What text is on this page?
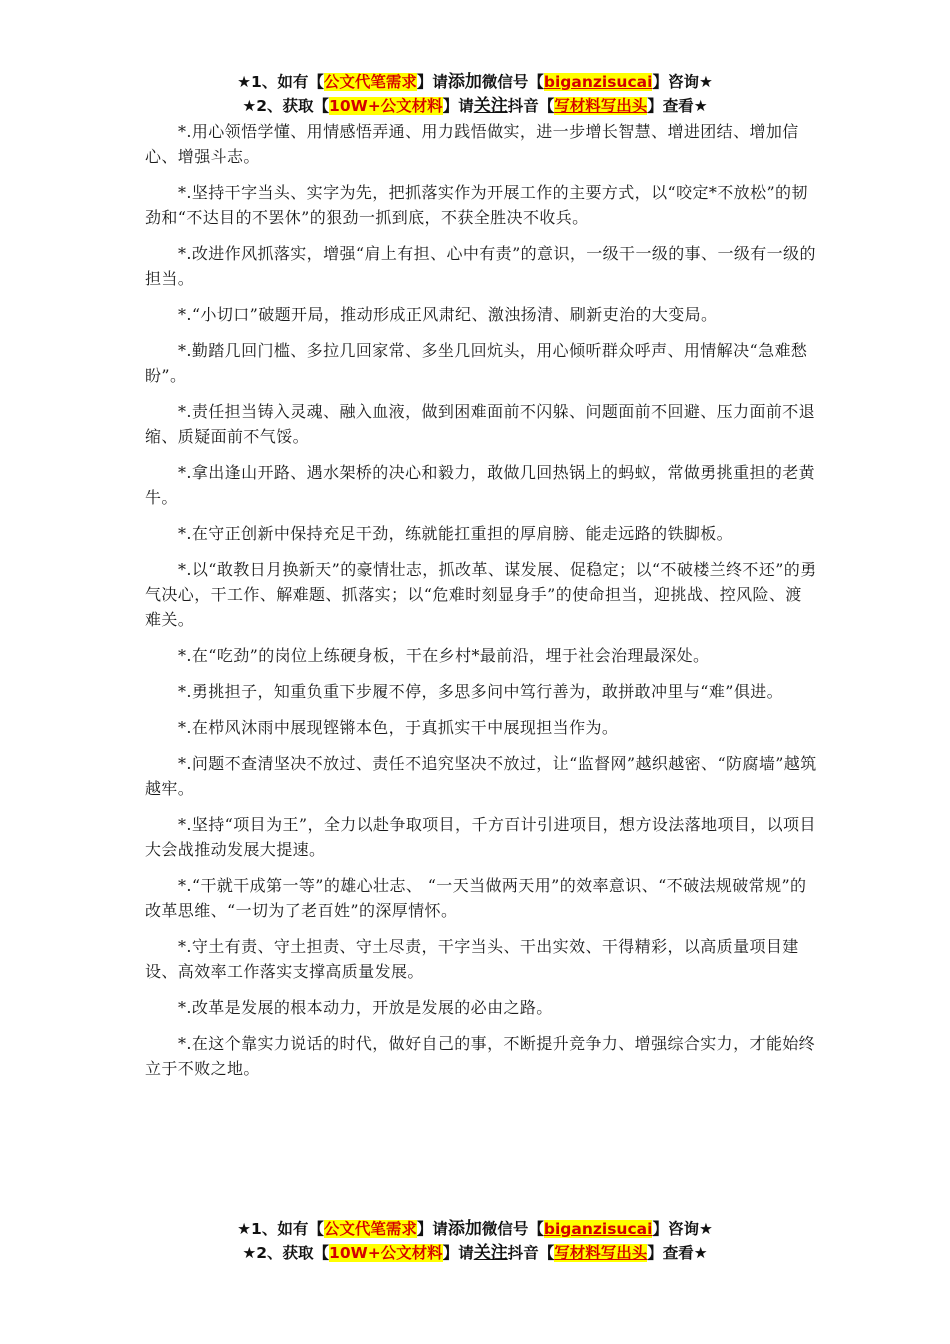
★1、如有【公文代笔需求】请添加微信号【biganzisucai】咨询★
★2、获取【10W+公文材料】请关注抖音【写材料写出头】查看★

*.用心领悟学懂、用情感悟弄通、用力践悟做实，进一步增长智慧、增进团结、增加信心、增强斗志。

*.坚持干字当头、实字为先，把抓落实作为开展工作的主要方式，以“咬定*不放松”的韧劲和“不达目的不罢休”的狠劲一抓到底，不获全胜决不收兵。

*.改进作风抓落实，增强“肩上有担、心中有责”的意识，一级干一级的事、一级有一级的担当。

*.“小切口”破题开局，推动形成正风肃纪、激浊扬清、刷新吏治的大变局。

*.勤踏几回门槛、多拉几回家常、多坐几回炕头，用心倾听群众呼声、用情解决“急难愁盼”。

*.责任担当铸入灵魂、融入血液，做到困难面前不闪躲、问题面前不回避、压力面前不退缩、质疑面前不气馁。

*.拿出逢山开路、遇水架桥的决心和毅力，敢做几回热锅上的蚂蚁，常做勇挑重担的老黄牛。

*.在守正创新中保持充足干劲，练就能扛重担的厚肩膀、能走远路的铁脚板。

*.以“敢教日月换新天”的豪情壮志，抓改革、谋发展、促稳定；以“不破楼兰终不还”的勇气决心，干工作、解难题、抓落实；以“危难时刻显身手”的使命担当，迎挑战、控风险、渡难关。

*.在“吃劲”的岗位上练硬身板，干在乡村*最前沿，埋于社会治理最深处。

*.勇挑担子，知重负重下步履不停，多思多问中笃行善为，敢拼敢冲里与“难”俱进。

*.在栉风沐雨中展现铿锵本色，于真抓实干中展现担当作为。

*.问题不查清坚决不放过、责任不追究坚决不放过，让“监督网”越织越密、“防腐墙”越筑越牢。

*.坚持“项目为王”，全力以赴争取项目，千方百计引进项目，想方设法落地项目，以项目大会战推动发展大提速。

*.“干就干成第一等”的雄心壮志、 “一天当做两天用”的效率意识、“不破法规破常规”的改革思维、“一切为了老百姓”的深厚情怀。

*.守土有责、守土担责、守土尽责，干字当头、干出实效、干得精彩，以高质量项目建设、高效率工作落实支撑高质量发展。

*.改革是发展的根本动力，开放是发展的必由之路。

*.在这个靠实力说话的时代，做好自己的事，不断提升竞争力、增强综合实力，才能始终立于不败之地。

★1、如有【公文代笔需求】请添加微信号【biganzisucai】咨询★
★2、获取【10W+公文材料】请关注抖音【写材料写出头】查看★
